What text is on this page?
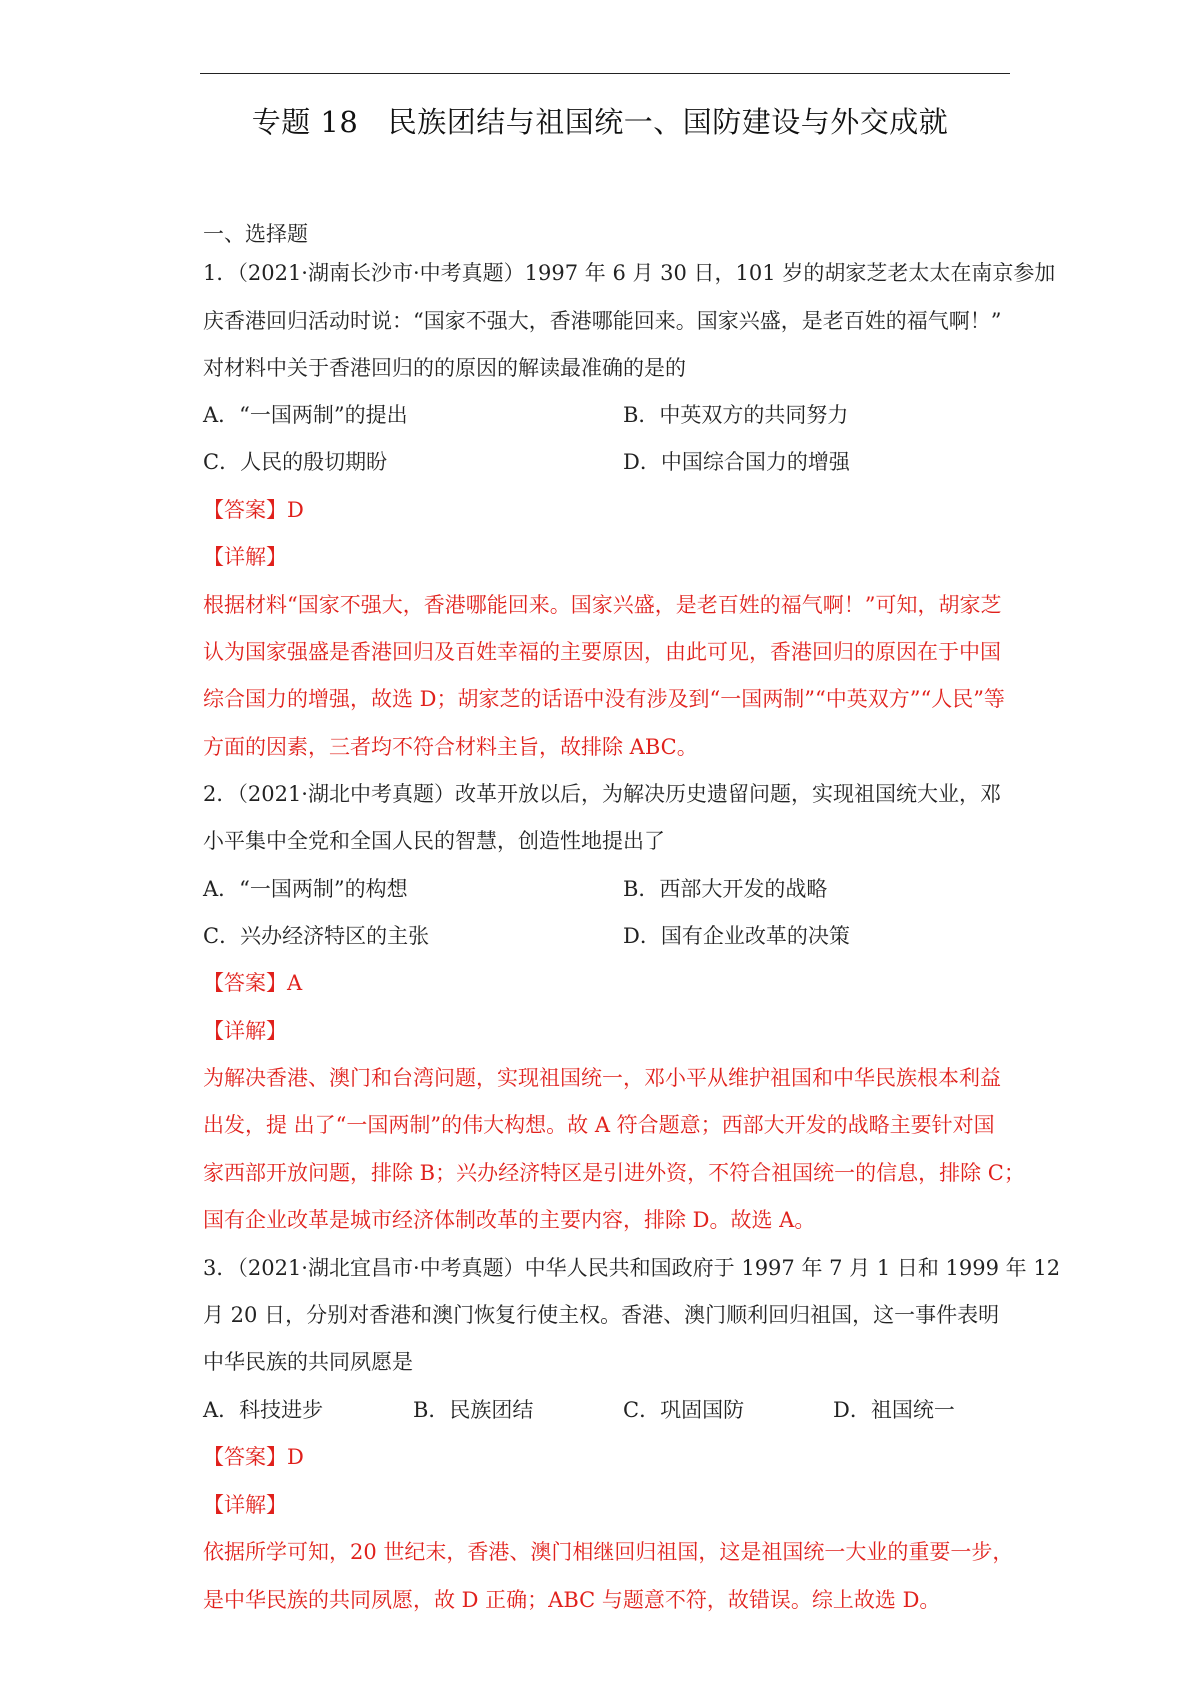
专题 18　民族团结与祖国统一、国防建设与外交成就
一、选择题
1．（2021·湖南长沙市·中考真题）1997 年 6 月 30 日，101 岁的胡家芝老太太在南京参加
庆香港回归活动时说：“国家不强大，香港哪能回来。国家兴盛，是老百姓的福气啊！”
对材料中关于香港回归的的原因的解读最准确的是的
A．“一国两制”的提出	B．中英双方的共同努力
C．人民的殷切期盼	D．中国综合国力的增强
【答案】D
【详解】
根据材料“国家不强大，香港哪能回来。国家兴盛，是老百姓的福气啊！”可知，胡家芝
认为国家强盛是香港回归及百姓幸福的主要原因，由此可见，香港回归的原因在于中国
综合国力的增强，故选 D；胡家芝的话语中没有涉及到“一国两制”“中英双方”“人民”等
方面的因素，三者均不符合材料主旨，故排除 ABC。
2．（2021·湖北中考真题）改革开放以后，为解决历史遗留问题，实现祖国统大业，邓
小平集中全党和全国人民的智慧，创造性地提出了
A．“一国两制”的构想	B．西部大开发的战略
C．兴办经济特区的主张	D．国有企业改革的决策
【答案】A
【详解】
为解决香港、澳门和台湾问题，实现祖国统一，邓小平从维护祖国和中华民族根本利益
出发，提 出了“一国两制”的伟大构想。故 A 符合题意；西部大开发的战略主要针对国
家西部开放问题，排除 B；兴办经济特区是引进外资，不符合祖国统一的信息，排除 C；
国有企业改革是城市经济体制改革的主要内容，排除 D。故选 A。
3．（2021·湖北宜昌市·中考真题）中华人民共和国政府于 1997 年 7 月 1 日和 1999 年 12
月 20 日，分别对香港和澳门恢复行使主权。香港、澳门顺利回归祖国，这一事件表明
中华民族的共同夙愿是
A．科技进步	B．民族团结	C．巩固国防	D．祖国统一
【答案】D
【详解】
依据所学可知，20 世纪末，香港、澳门相继回归祖国，这是祖国统一大业的重要一步，
是中华民族的共同夙愿，故 D 正确；ABC 与题意不符，故错误。综上故选 D。
